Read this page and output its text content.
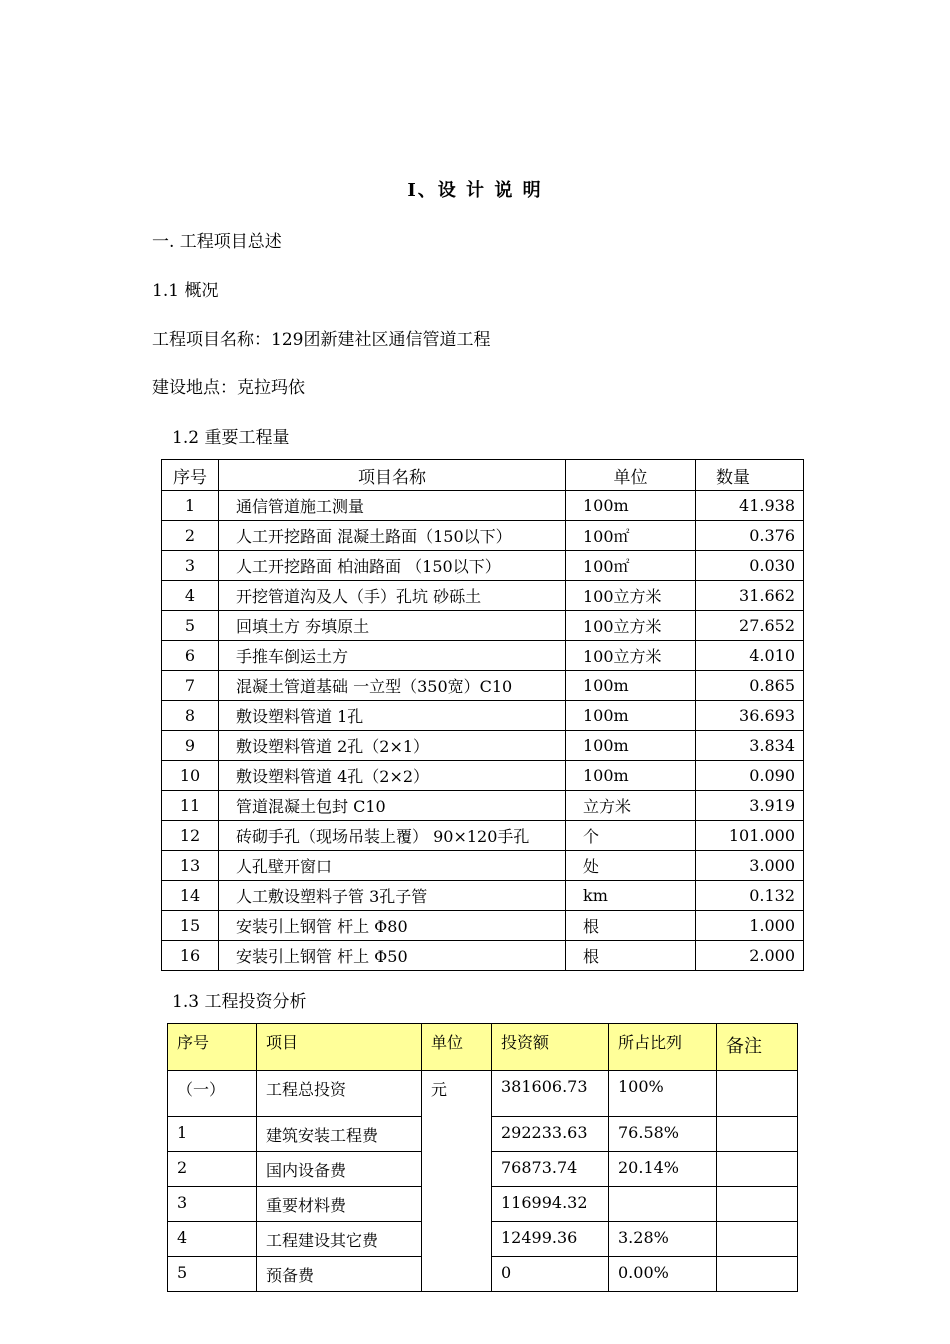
I、设 计 说 明
一. 工程项目总述
1.1 概况
工程项目名称：129团新建社区通信管道工程
建设地点：克拉玛依
1.2 重要工程量
序号	项目名称	单位	数量
1	通信管道施工测量	100m	41.938
2	人工开挖路面 混凝土路面（150以下）	100㎡	0.376
3	人工开挖路面 柏油路面 （150以下）	100㎡	0.030
4	开挖管道沟及人（手）孔坑 砂砾土	100立方米	31.662
5	回填土方 夯填原土	100立方米	27.652
6	手推车倒运土方	100立方米	4.010
7	混凝土管道基础 一立型（350宽）C10	100m	0.865
8	敷设塑料管道 1孔	100m	36.693
9	敷设塑料管道 2孔（2×1）	100m	3.834
10	敷设塑料管道 4孔（2×2）	100m	0.090
11	管道混凝土包封 C10	立方米	3.919
12	砖砌手孔（现场吊装上覆） 90×120手孔	个	101.000
13	人孔壁开窗口	处	3.000
14	人工敷设塑料子管 3孔子管	km	0.132
15	安装引上钢管 杆上 Φ80	根	1.000
16	安装引上钢管 杆上 Φ50	根	2.000
1.3 工程投资分析
序号	项目	单位	投资额	所占比列	备注
（一）	工程总投资	元	381606.73	100%	
1	建筑安装工程费		292233.63	76.58%	
2	国内设备费		76873.74	20.14%	
3	重要材料费		116994.32		
4	工程建设其它费		12499.36	3.28%	
5	预备费		0	0.00%	
